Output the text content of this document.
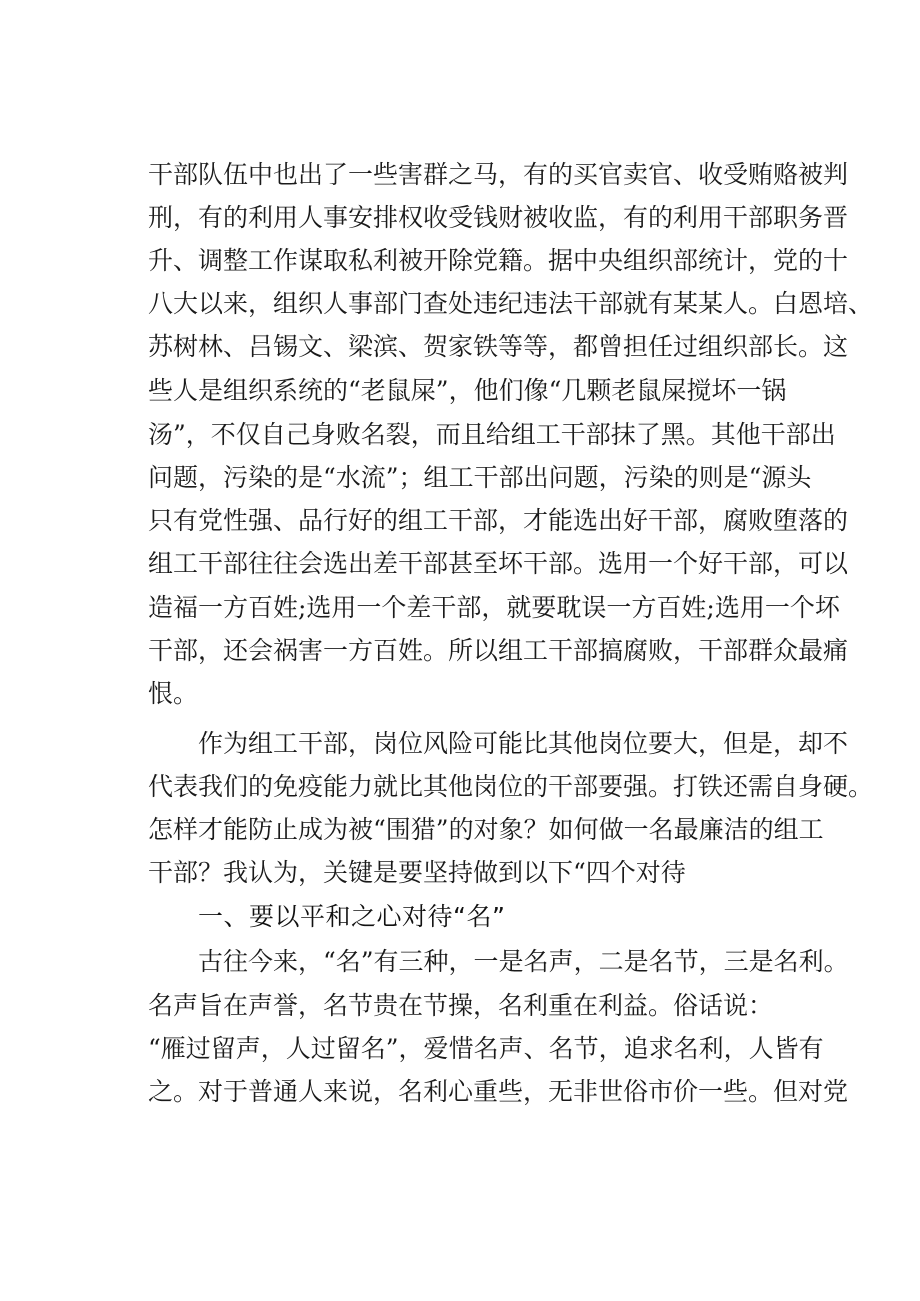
干部队伍中也出了一些害群之马，有的买官卖官、收受贿赂被判

刑，有的利用人事安排权收受钱财被收监，有的利用干部职务晋

升、调整工作谋取私利被开除党籍。据中央组织部统计，党的十

八大以来，组织人事部门查处违纪违法干部就有某某人。白恩培、

苏树林、吕锡文、梁滨、贺家铁等等，都曾担任过组织部长。这

些人是组织系统的“老鼠屎”，他们像“几颗老鼠屎搅坏一锅

汤”，不仅自己身败名裂，而且给组工干部抹了黑。其他干部出

问题，污染的是“水流”；组工干部出问题，污染的则是“源头

只有党性强、品行好的组工干部，才能选出好干部，腐败堕落的

组工干部往往会选出差干部甚至坏干部。选用一个好干部，可以

造福一方百姓;选用一个差干部，就要耽误一方百姓;选用一个坏

干部，还会祸害一方百姓。所以组工干部搞腐败，干部群众最痛

恨。

作为组工干部，岗位风险可能比其他岗位要大，但是，却不

代表我们的免疫能力就比其他岗位的干部要强。打铁还需自身硬。

怎样才能防止成为被“围猎”的对象？如何做一名最廉洁的组工

干部？我认为，关键是要坚持做到以下“四个对待

一、要以平和之心对待“名”

古往今来，“名”有三种，一是名声，二是名节，三是名利。

名声旨在声誉，名节贵在节操，名利重在利益。俗话说：

“雁过留声，人过留名”，爱惜名声、名节，追求名利，人皆有

之。对于普通人来说，名利心重些，无非世俗市价一些。但对党
